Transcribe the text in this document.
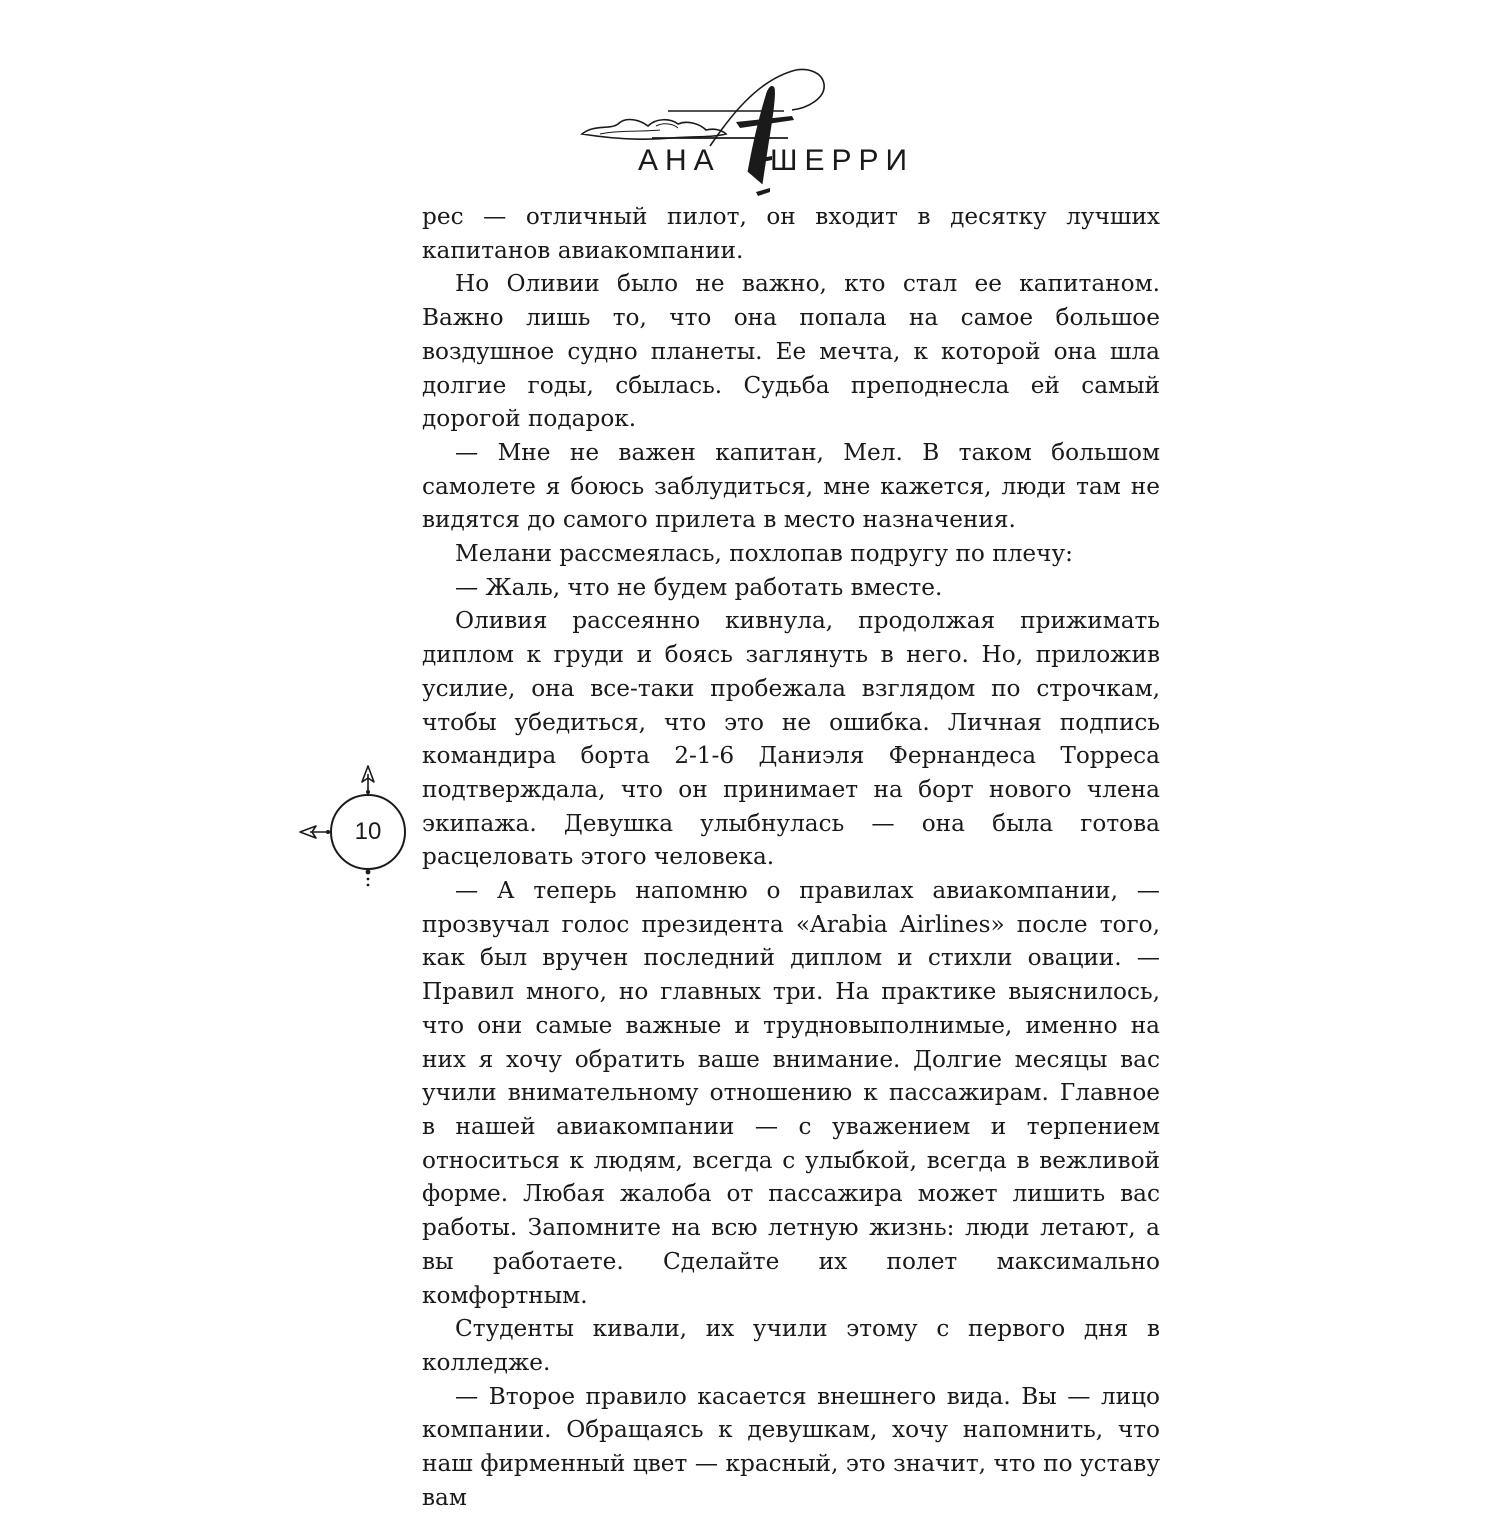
АНА ШЕРРИ

рес — отличный пилот, он входит в десятку лучших капитанов авиакомпании.

Но Оливии было не важно, кто стал ее капитаном. Важно лишь то, что она попала на самое большое воздушное судно планеты. Ее мечта, к которой она шла долгие годы, сбылась. Судьба преподнесла ей самый дорогой подарок.

— Мне не важен капитан, Мел. В таком большом самолете я боюсь заблудиться, мне кажется, люди там не видятся до самого прилета в место назначения.

Мелани рассмеялась, похлопав подругу по плечу:

— Жаль, что не будем работать вместе.

Оливия рассеянно кивнула, продолжая прижимать диплом к груди и боясь заглянуть в него. Но, приложив усилие, она все-таки пробежала взглядом по строчкам, чтобы убедиться, что это не ошибка. Личная подпись командира борта 2-1-6 Даниэля Фернандеса Торреса подтверждала, что он принимает на борт нового члена экипажа. Девушка улыбнулась — она была готова расцеловать этого человека.

— А теперь напомню о правилах авиакомпании, — прозвучал голос президента «Arabia Airlines» после того, как был вручен последний диплом и стихли овации. — Правил много, но главных три. На практике выяснилось, что они самые важные и трудновыполнимые, именно на них я хочу обратить ваше внимание. Долгие месяцы вас учили внимательному отношению к пассажирам. Главное в нашей авиакомпании — с уважением и терпением относиться к людям, всегда с улыбкой, всегда в вежливой форме. Любая жалоба от пассажира может лишить вас работы. Запомните на всю летную жизнь: люди летают, а вы работаете. Сделайте их полет максимально комфортным.

Студенты кивали, их учили этому с первого дня в колледже.

— Второе правило касается внешнего вида. Вы — лицо компании. Обращаясь к девушкам, хочу напомнить, что наш фирменный цвет — красный, это значит, что по уставу вам

10
